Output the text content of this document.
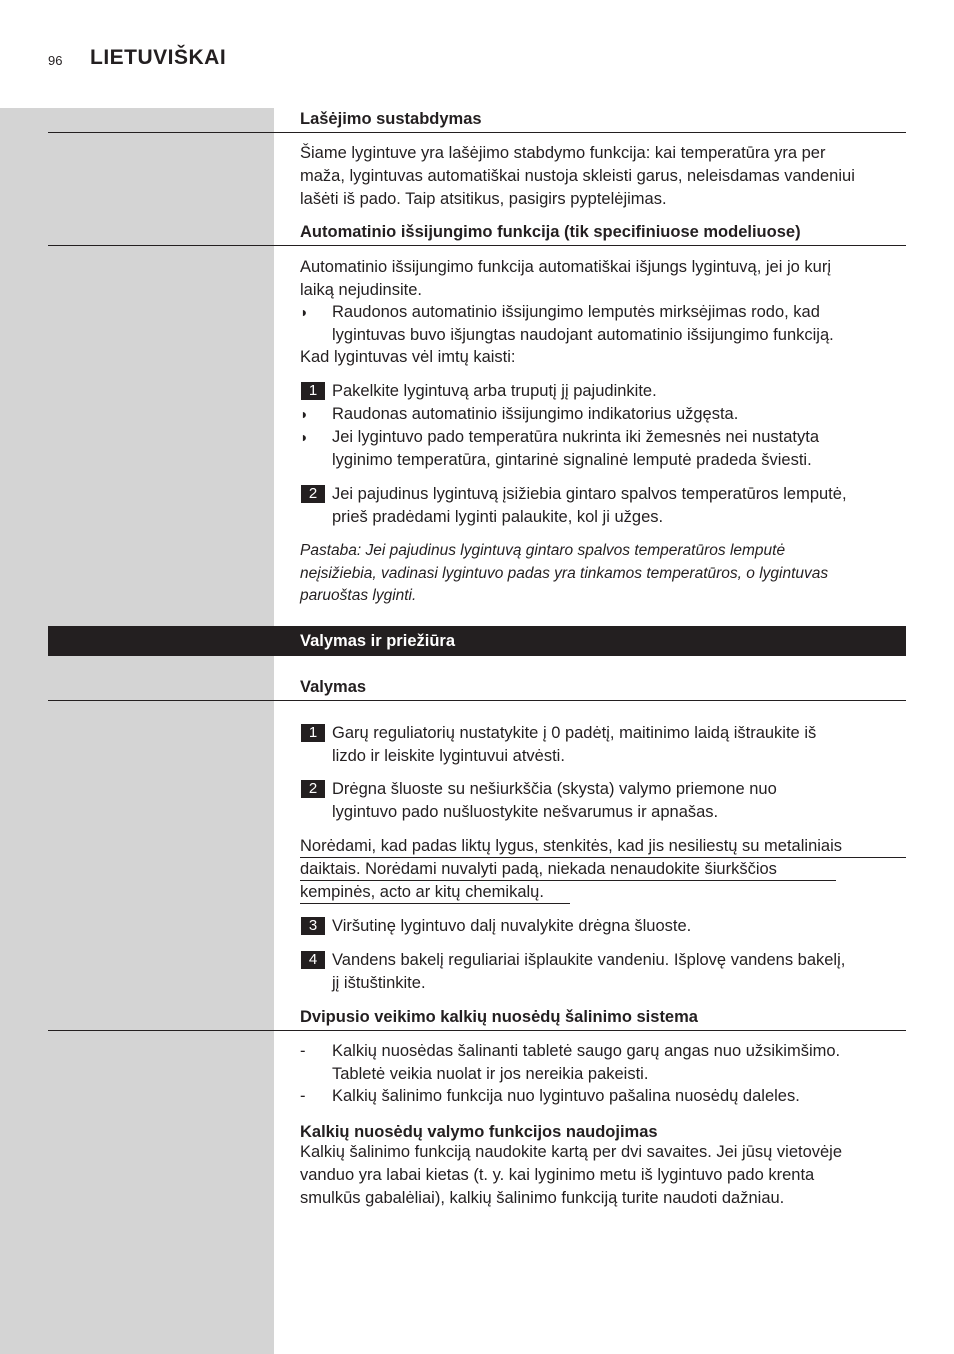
96 LIETUVIŠKAI
Lašėjimo sustabdymas
Šiame lygintuve yra lašėjimo stabdymo funkcija: kai temperatūra yra per
maža, lygintuvas automatiškai nustoja skleisti garus, neleisdamas vandeniui
lašėti iš pado. Taip atsitikus, pasigirs pyptelėjimas.
Automatinio išsijungimo funkcija (tik specifiniuose modeliuose)
Automatinio išsijungimo funkcija automatiškai išjungs lygintuvą, jei jo kurį
laiką nejudinsite.
◗ Raudonos automatinio išsijungimo lemputės mirksėjimas rodo, kad
lygintuvas buvo išjungtas naudojant automatinio išsijungimo funkciją.
Kad lygintuvas vėl imtų kaisti:
1 Pakelkite lygintuvą arba truputį jį pajudinkite.
◗ Raudonas automatinio išsijungimo indikatorius užgęsta.
◗ Jei lygintuvo pado temperatūra nukrinta iki žemesnės nei nustatyta
lyginimo temperatūra, gintarinė signalinė lemputė pradeda šviesti.
2 Jei pajudinus lygintuvą įsižiebia gintaro spalvos temperatūros lemputė,
prieš pradėdami lyginti palaukite, kol ji užges.
Pastaba: Jei pajudinus lygintuvą gintaro spalvos temperatūros lemputė
neįsižiebia, vadinasi lygintuvo padas yra tinkamos temperatūros, o lygintuvas
paruoštas lyginti.
Valymas ir priežiūra
Valymas
1 Garų reguliatorių nustatykite į 0 padėtį, maitinimo laidą ištraukite iš
lizdo ir leiskite lygintuvui atvėsti.
2 Drėgna šluoste su nešiurkščia (skysta) valymo priemone nuo
lygintuvo pado nušluostykite nešvarumus ir apnašas.
Norėdami, kad padas liktų lygus, stenkitės, kad jis nesiliestų su metaliniais
daiktais. Norėdami nuvalyti padą, niekada nenaudokite šiurkščios
kempinės, acto ar kitų chemikalų.
3 Viršutinę lygintuvo dalį nuvalykite drėgna šluoste.
4 Vandens bakelį reguliariai išplaukite vandeniu. Išplovę vandens bakelį,
jį ištuštinkite.
Dvipusio veikimo kalkių nuosėdų šalinimo sistema
- Kalkių nuosėdas šalinanti tabletė saugo garų angas nuo užsikimšimo.
Tabletė veikia nuolat ir jos nereikia pakeisti.
- Kalkių šalinimo funkcija nuo lygintuvo pašalina nuosėdų daleles.
Kalkių nuosėdų valymo funkcijos naudojimas
Kalkių šalinimo funkciją naudokite kartą per dvi savaites. Jei jūsų vietovėje
vanduo yra labai kietas (t. y. kai lyginimo metu iš lygintuvo pado krenta
smulkūs gabalėliai), kalkių šalinimo funkciją turite naudoti dažniau.
